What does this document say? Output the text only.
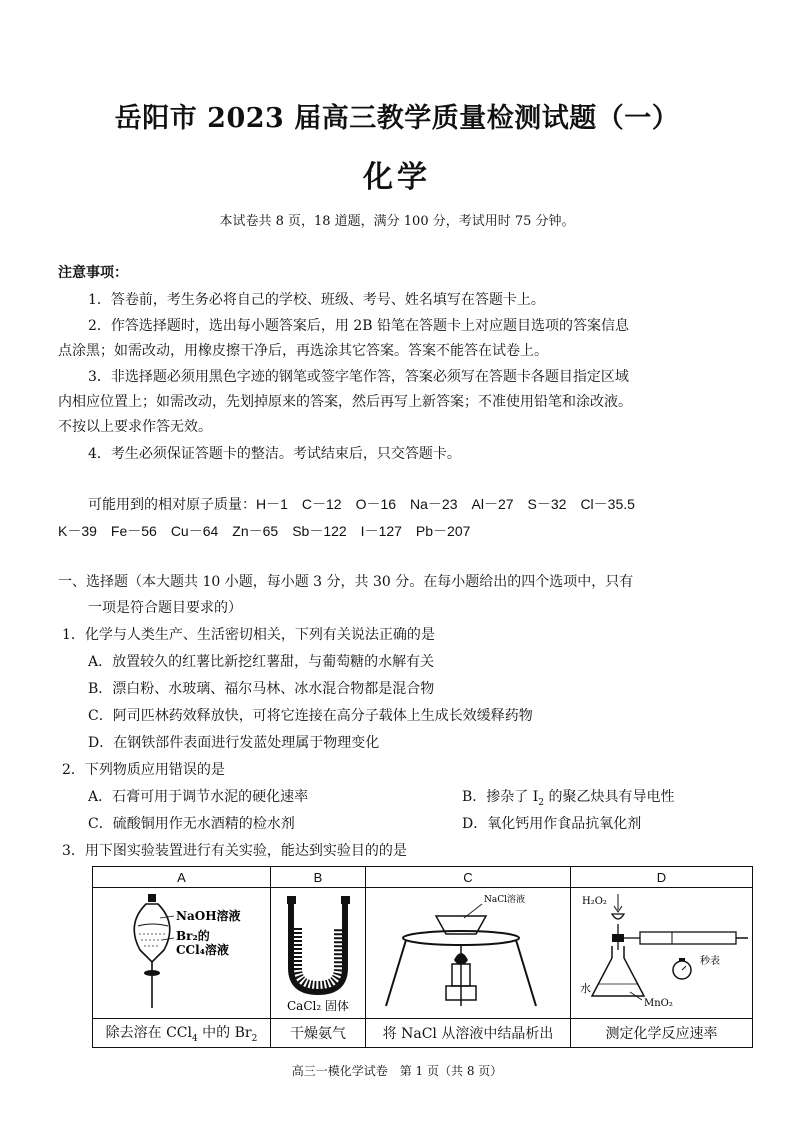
岳阳市 2023 届高三教学质量检测试题（一）
化学
本试卷共 8 页，18 道题，满分 100 分，考试用时 75 分钟。
注意事项：
1．答卷前，考生务必将自己的学校、班级、考号、姓名填写在答题卡上。
2．作答选择题时，选出每小题答案后，用 2B 铅笔在答题卡上对应题目选项的答案信息
点涂黑；如需改动，用橡皮擦干净后，再选涂其它答案。答案不能答在试卷上。
3．非选择题必须用黑色字迹的钢笔或签字笔作答，答案必须写在答题卡各题目指定区域
内相应位置上；如需改动，先划掉原来的答案，然后再写上新答案；不准使用铅笔和涂改液。
不按以上要求作答无效。
4．考生必须保证答题卡的整洁。考试结束后，只交答题卡。
可能用到的相对原子质量：H－1　C－12　O－16　Na－23　Al－27　S－32　Cl－35.5
K－39　Fe－56　Cu－64　Zn－65　Sb－122　I－127　Pb－207
一、选择题（本大题共 10 小题，每小题 3 分，共 30 分。在每小题给出的四个选项中，只有
一项是符合题目要求的）
1．化学与人类生产、生活密切相关，下列有关说法正确的是
A．放置较久的红薯比新挖红薯甜，与葡萄糖的水解有关
B．漂白粉、水玻璃、福尔马林、冰水混合物都是混合物
C．阿司匹林药效释放快，可将它连接在高分子载体上生成长效缓释药物
D．在钢铁部件表面进行发蓝处理属于物理变化
2．下列物质应用错误的是
A．石膏可用于调节水泥的硬化速率	B．掺杂了 $I_2$ 的聚乙炔具有导电性
C．硫酸铜用作无水酒精的检水剂	D．氧化钙用作食品抗氧化剂
3．用下图实验装置进行有关实验，能达到实验目的的是
A	B	C	D

NaOH溶液
Br₂的
CCl₄溶液	CaCl₂ 固体	NaCl溶液	H₂O₂
秒表
水
MnO₂

除去溶在 CCl$_4$ 中的 $Br_2$	干燥氨气	将 NaCl 从溶液中结晶析出	测定化学反应速率
高三一模化学试卷　第 1 页（共 8 页）
